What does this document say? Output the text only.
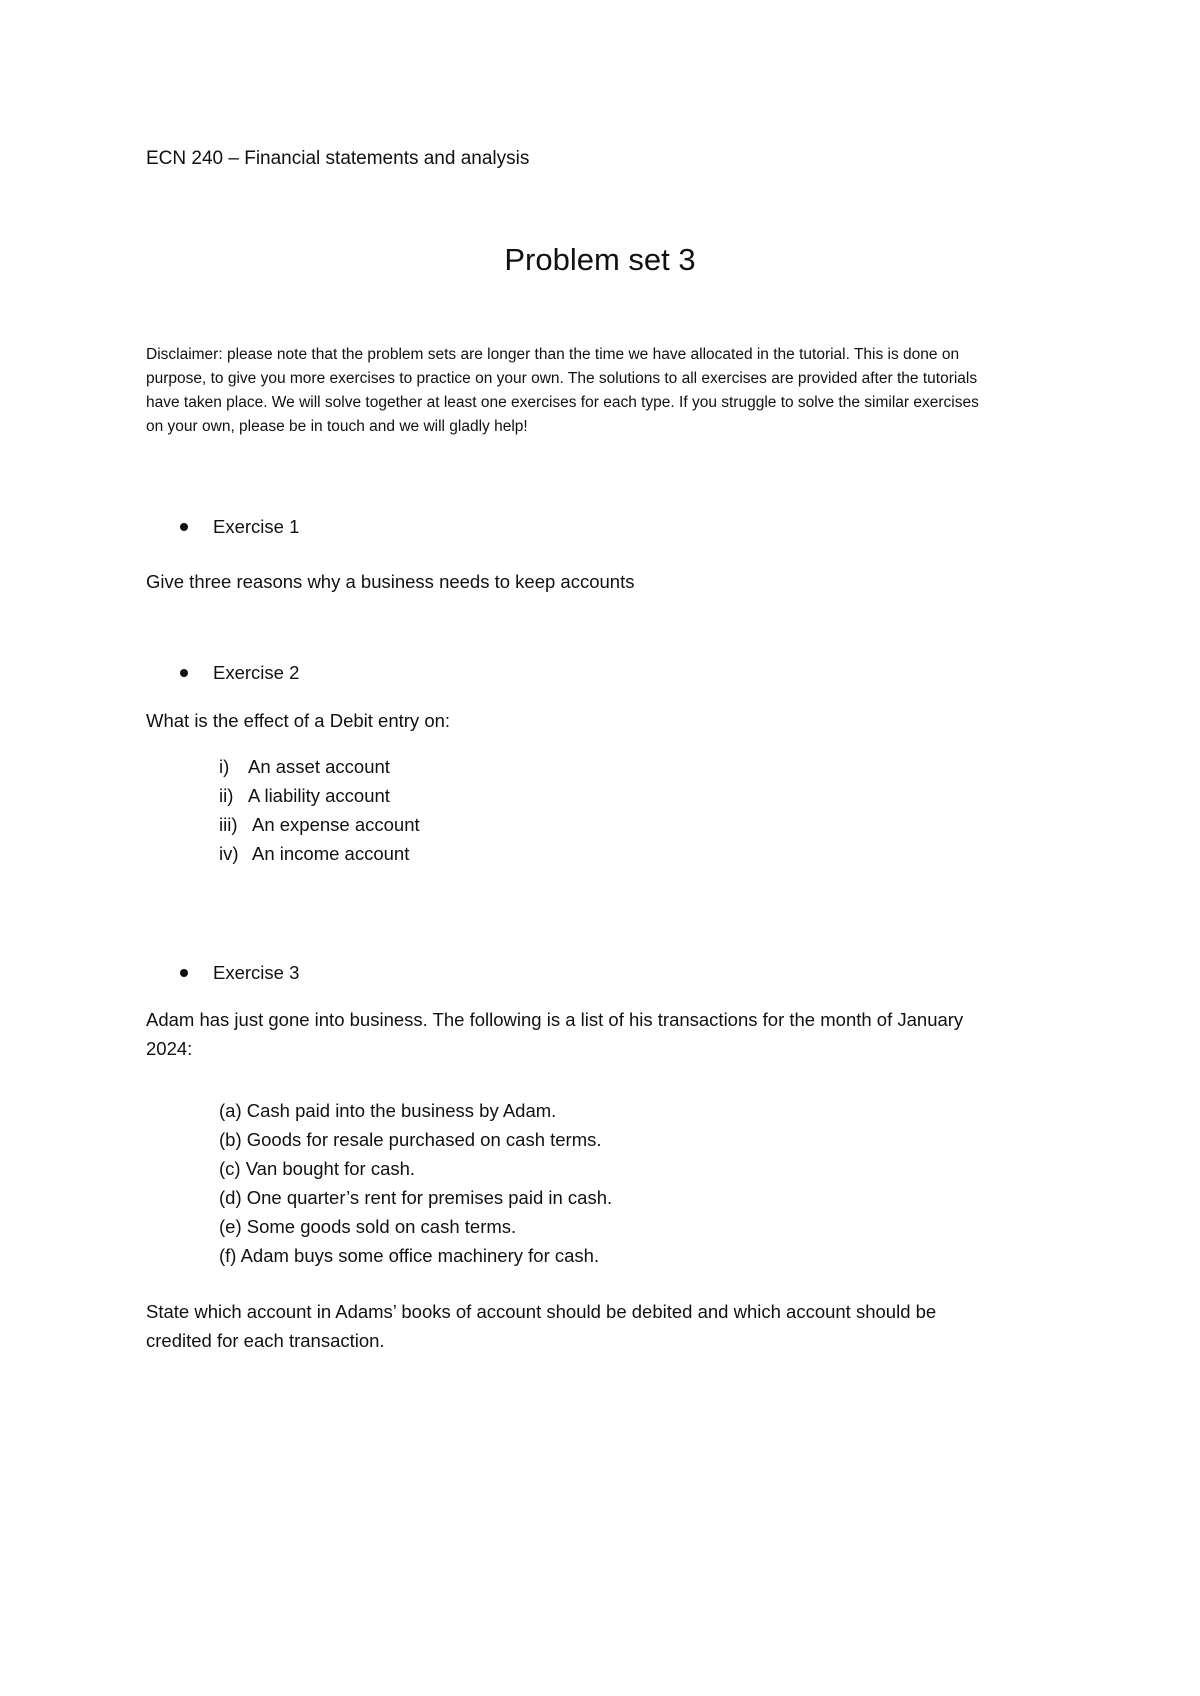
ECN 240 – Financial statements and analysis
Problem set 3

Disclaimer: please note that the problem sets are longer than the time we have allocated in the tutorial. This is done on

purpose, to give you more exercises to practice on your own. The solutions to all exercises are provided after the tutorials

have taken place. We will solve together at least one exercises for each type. If you struggle to solve the similar exercises

on your own, please be in touch and we will gladly help!

Exercise 1
Give three reasons why a business needs to keep accounts
Exercise 2
What is the effect of a Debit entry on:
i) An asset account
ii) A liability account
iii) An expense account
iv) An income account
Exercise 3
Adam has just gone into business. The following is a list of his transactions for the month of January
2024:
(a) Cash paid into the business by Adam.
(b) Goods for resale purchased on cash terms.
(c) Van bought for cash.
(d) One quarter’s rent for premises paid in cash.
(e) Some goods sold on cash terms.
(f) Adam buys some office machinery for cash.
State which account in Adams’ books of account should be debited and which account should be
credited for each transaction.
